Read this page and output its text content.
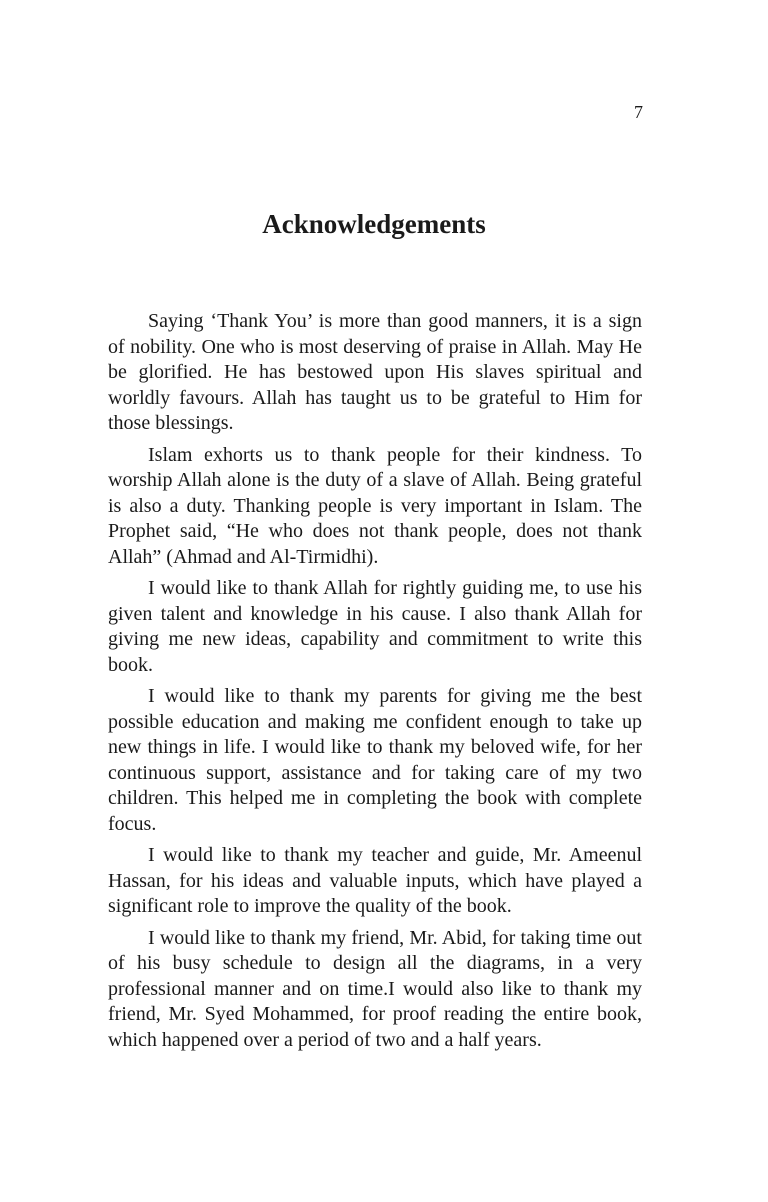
7
Acknowledgements

Saying ‘Thank You’ is more than good manners, it is a sign of nobility. One who is most deserving of praise in Allah. May He be glorified. He has bestowed upon His slaves spiritual and worldly favours. Allah has taught us to be grateful to Him for those blessings.

Islam exhorts us to thank people for their kindness. To worship Allah alone is the duty of a slave of Allah. Being grateful is also a duty. Thanking people is very important in Islam. The Prophet said, “He who does not thank people, does not thank Allah” (Ahmad and Al-Tirmidhi).

I would like to thank Allah for rightly guiding me, to use his given talent and knowledge in his cause. I also thank Allah for giving me new ideas, capability and commitment to write this book.

I would like to thank my parents for giving me the best possible education and making me confident enough to take up new things in life. I would like to thank my beloved wife, for her continuous support, assistance and for taking care of my two children. This helped me in completing the book with complete focus.

I would like to thank my teacher and guide, Mr. Ameenul Hassan, for his ideas and valuable inputs, which have played a significant role to improve the quality of the book.

I would like to thank my friend, Mr. Abid, for taking time out of his busy schedule to design all the diagrams, in a very professional manner and on time.I would also like to thank my friend, Mr. Syed Mohammed, for proof reading the entire book, which happened over a period of two and a half years.
